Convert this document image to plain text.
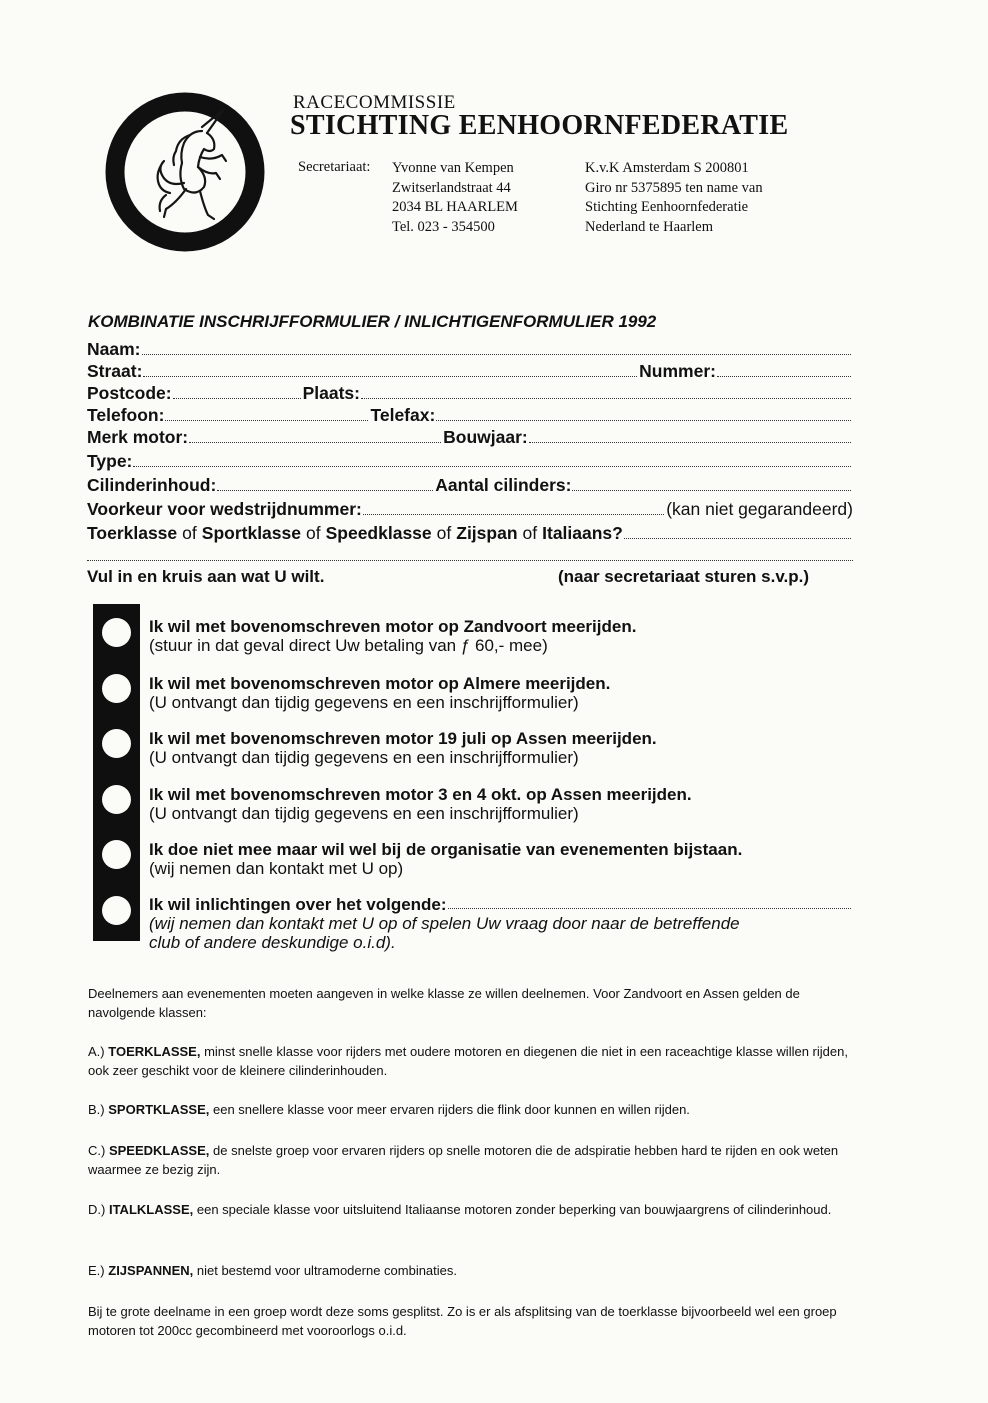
RACECOMMISSIE
STICHTING EENHOORNFEDERATIE
Secretariaat: Yvonne van Kempen
Zwitserlandstraat 44
2034 BL HAARLEM
Tel. 023 - 354500
K.v.K Amsterdam S 200801
Giro nr 5375895 ten name van
Stichting Eenhoornfederatie
Nederland te Haarlem
KOMBINATIE INSCHRIJFFORMULIER / INLICHTIGENFORMULIER 1992
Naam:
Straat:	Nummer:
Postcode:	Plaats:
Telefoon:	Telefax:
Merk motor:	Bouwjaar:
Type:
Cilinderinhoud:	Aantal cilinders:
Voorkeur voor wedstrijdnummer:	(kan niet gegarandeerd)
Toerklasse of Sportklasse of Speedklasse of Zijspan of Italiaans?
Vul in en kruis aan wat U wilt.	(naar secretariaat sturen s.v.p.)
Ik wil met bovenomschreven motor op Zandvoort meerijden.
(stuur in dat geval direct Uw betaling van ƒ 60,- mee)
Ik wil met bovenomschreven motor op Almere meerijden.
(U ontvangt dan tijdig gegevens en een inschrijfformulier)
Ik wil met bovenomschreven motor 19 juli op Assen meerijden.
(U ontvangt dan tijdig gegevens en een inschrijfformulier)
Ik wil met bovenomschreven motor 3 en 4 okt. op Assen meerijden.
(U ontvangt dan tijdig gegevens en een inschrijfformulier)
Ik doe niet mee maar wil wel bij de organisatie van evenementen bijstaan.
(wij nemen dan kontakt met U op)
Ik wil inlichtingen over het volgende:
(wij nemen dan kontakt met U op of spelen Uw vraag door naar de betreffende
club of andere deskundige o.i.d).
Deelnemers aan evenementen moeten aangeven in welke klasse ze willen deelnemen. Voor Zandvoort en Assen gelden de navolgende klassen:
A.) TOERKLASSE, minst snelle klasse voor rijders met oudere motoren en diegenen die niet in een raceachtige klasse willen rijden, ook zeer geschikt voor de kleinere cilinderinhouden.
B.) SPORTKLASSE, een snellere klasse voor meer ervaren rijders die flink door kunnen en willen rijden.
C.) SPEEDKLASSE, de snelste groep voor ervaren rijders op snelle motoren die de adspiratie hebben hard te rijden en ook weten waarmee ze bezig zijn.
D.) ITALKLASSE, een speciale klasse voor uitsluitend Italiaanse motoren zonder beperking van bouwjaargrens of cilinderinhoud.
E.) ZIJSPANNEN, niet bestemd voor ultramoderne combinaties.
Bij te grote deelname in een groep wordt deze soms gesplitst. Zo is er als afsplitsing van de toerklasse bijvoorbeeld wel een groep motoren tot 200cc gecombineerd met vooroorlogs o.i.d.
